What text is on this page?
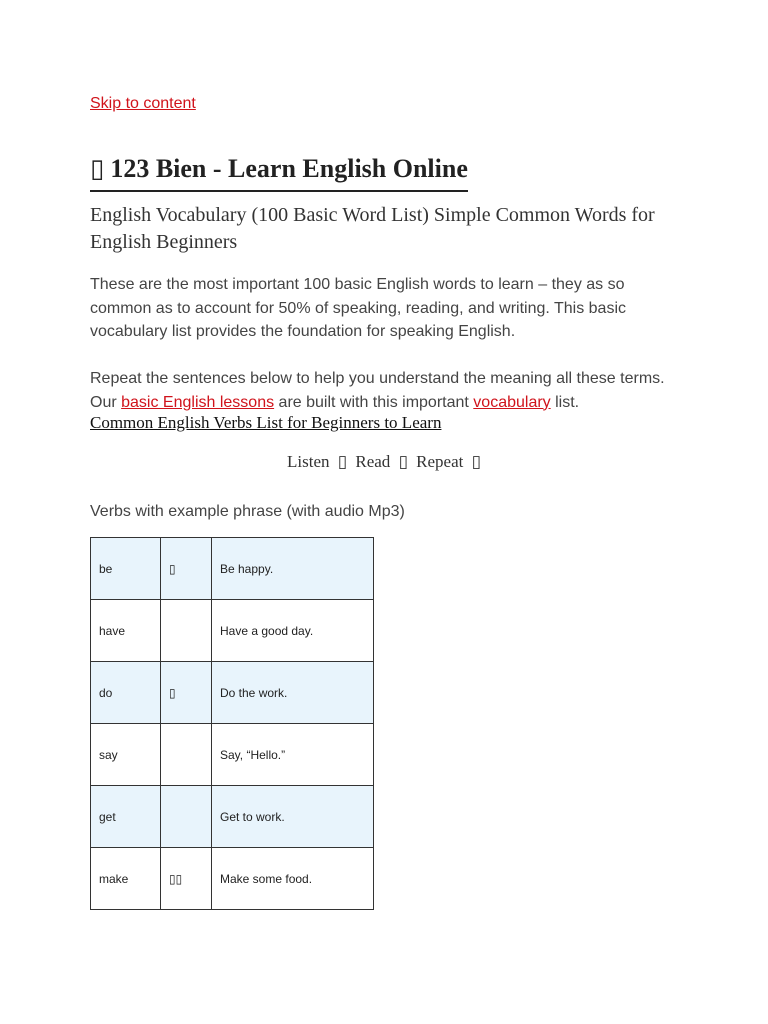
Skip to content
▯ 123 Bien - Learn English Online
English Vocabulary (100 Basic Word List) Simple Common Words for English Beginners

These are the most important 100 basic English words to learn – they as so common as to account for 50% of speaking, reading, and writing. This basic vocabulary list provides the foundation for speaking English.

Repeat the sentences below to help you understand the meaning all these terms. Our basic English lessons are built with this important vocabulary list.

Common English Verbs List for Beginners to Learn
Listen ▯ Read ▯ Repeat ▯

Verbs with example phrase (with audio Mp3)

be	▯	Be happy.
have		Have a good day.
do	▯	Do the work.
say		Say, “Hello.”
get		Get to work.
make	▯▯	Make some food.
